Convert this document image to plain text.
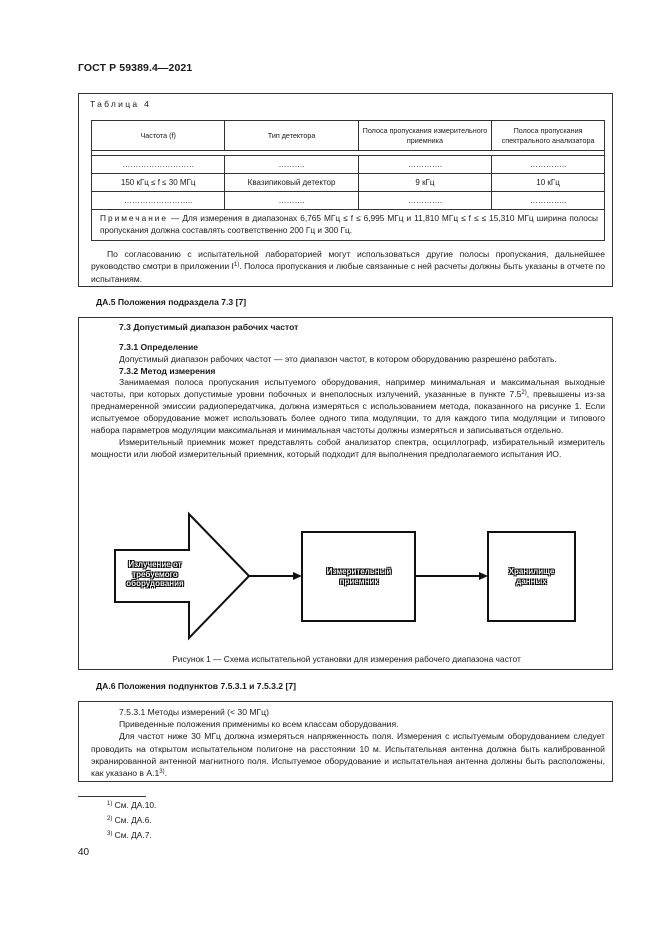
ГОСТ Р 59389.4—2021
Таблица 4
Частота (f)	Тип детектора	Полоса пропускания измерительного приемника	Полоса пропускания спектрального анализатора

………………………	……….	………….	…………..
150 кГц ≤ f ≤ 30 МГц	Квазипиковый детектор	9 кГц	10 кГц
……………………..	……….	………….	…………..
Примечание — Для измерения в диапазонах 6,765 МГц ≤ f ≤ 6,995 МГц и 11,810 МГц ≤ f ≤ ≤ 15,310 МГц ширина полосы пропускания должна составлять соответственно 200 Гц и 300 Гц.			

По согласованию с испытательной лабораторией могут использоваться другие полосы пропускания, дальнейшее руководство смотри в приложении $I^{1)}$. Полоса пропускания и любые связанные с ней расчеты должны быть указаны в отчете по испытаниям.

ДА.5 Положения подраздела 7.3 [7]

7.3 Допустимый диапазон рабочих частот

7.3.1 Определение

Допустимый диапазон рабочих частот — это диапазон частот, в котором оборудованию разрешено работать.

7.3.2 Метод измерения

Занимаемая полоса пропускания испытуемого оборудования, например минимальная и максимальная выходные частоты, при которых допустимые уровни побочных и внеполосных излучений, указанные в пункте 7.5$^{2)}$, превышены из-за преднамеренной эмиссии радиопередатчика, должна измеряться с использованием метода, показанного на рисунке 1. Если испытуемое оборудование может использовать более одного типа модуляции, то для каждого типа модуляции и типового набора параметров модуляции максимальная и минимальная частоты должны измеряться и записываться отдельно.

Измерительный приемник может представлять собой анализатор спектра, осциллограф, избирательный измеритель мощности или любой измерительный приемник, который подходит для выполнения предполагаемого испытания ИО.

Излучение от требуемого оборудования
Измерительный приемник
Хранилище данных
Рисунок 1 — Схема испытательной установки для измерения рабочего диапазона частот
ДА.6 Положения подпунктов 7.5.3.1 и 7.5.3.2 [7]

7.5.3.1 Методы измерений (< 30 МГц)

Приведенные положения применимы ко всем классам оборудования.

Для частот ниже 30 МГц должна измеряться напряженность поля. Измерения с испытуемым оборудованием следует проводить на открытом испытательном полигоне на расстоянии 10 м. Испытательная антенна должна быть калиброванной экранированной антенной магнитного поля. Испытуемое оборудование и испытательная антенна должны быть расположены, как указано в А.1$^{3)}$.

$^{1)}$ См. ДА.10.
$^{2)}$ См. ДА.6.
$^{3)}$ См. ДА.7.
40
